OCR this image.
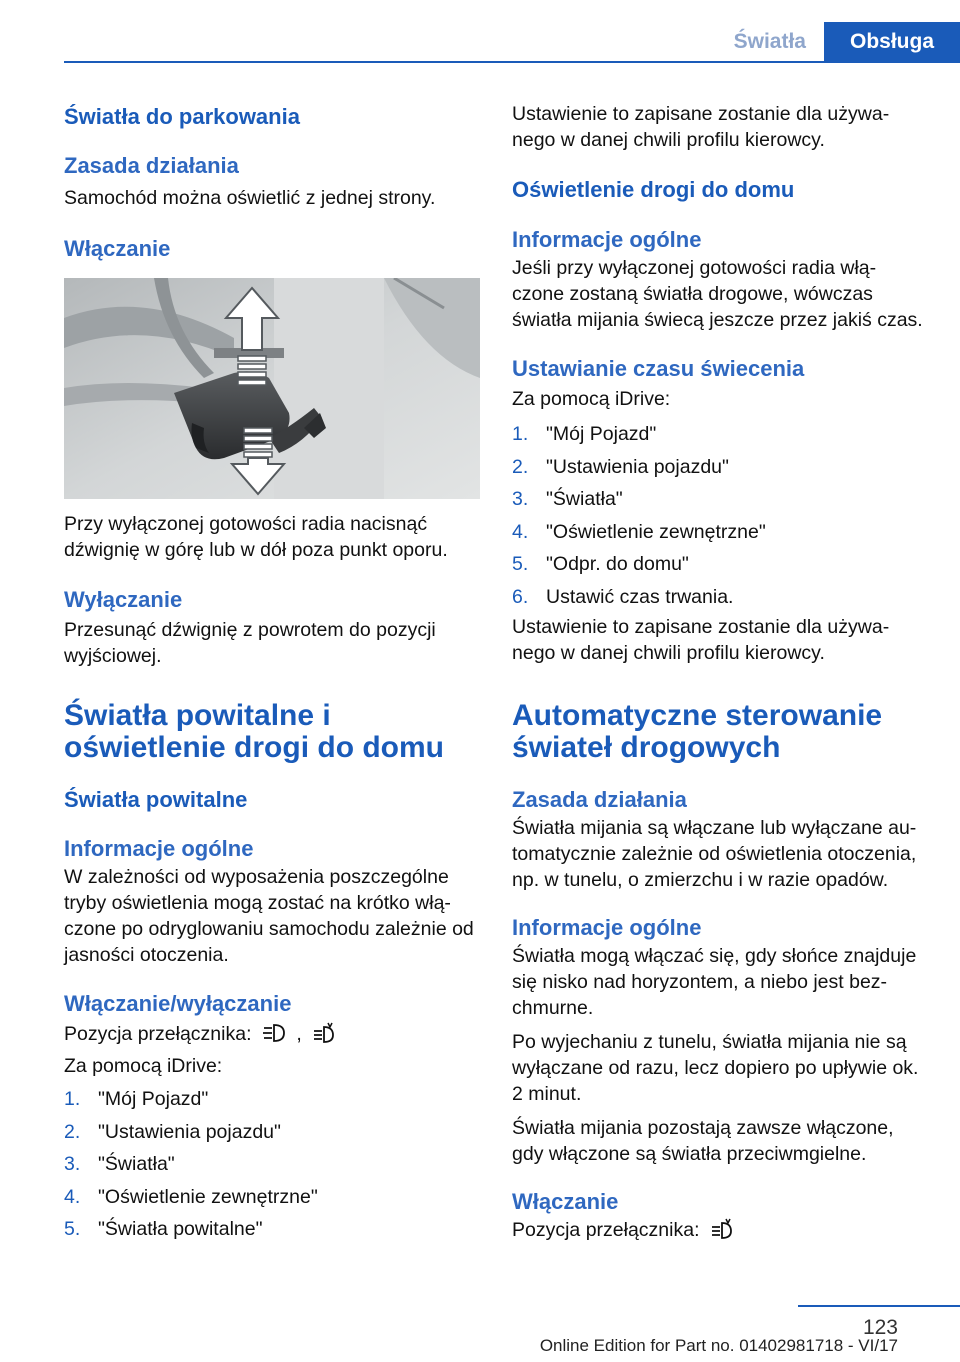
Światła	Obsługa
Światła do parkowania
Zasada działania

Samochód można oświetlić z jednej strony.

Włączanie

Przy wyłączonej gotowości radia nacisnąć dźwignię w górę lub w dół poza punkt oporu.

Wyłączanie

Przesunąć dźwignię z powrotem do pozycji wyjściowej.

Światła powitalne i oświetlenie drogi do domu
Światła powitalne
Informacje ogólne

W zależności od wyposażenia poszczególne tryby oświetlenia mogą zostać na krótko włą- czone po odryglowaniu samochodu zależnie od jasności otoczenia.

Włączanie/wyłączanie

Pozycja przełącznika: ,

Za pomocą iDrive:

1. "Mój Pojazd"
2. "Ustawienia pojazdu"
3. "Światła"
4. "Oświetlenie zewnętrzne"
5. "Światła powitalne"

Ustawienie to zapisane zostanie dla używa- nego w danej chwili profilu kierowcy.

Oświetlenie drogi do domu
Informacje ogólne

Jeśli przy wyłączonej gotowości radia włą- czone zostaną światła drogowe, wówczas światła mijania świecą jeszcze przez jakiś czas.

Ustawianie czasu świecenia

Za pomocą iDrive:

1. "Mój Pojazd"
2. "Ustawienia pojazdu"
3. "Światła"
4. "Oświetlenie zewnętrzne"
5. "Odpr. do domu"
6. Ustawić czas trwania.

Ustawienie to zapisane zostanie dla używa- nego w danej chwili profilu kierowcy.

Automatyczne sterowanie świateł drogowych
Zasada działania

Światła mijania są włączane lub wyłączane au- tomatycznie zależnie od oświetlenia otoczenia, np. w tunelu, o zmierzchu i w razie opadów.

Informacje ogólne

Światła mogą włączać się, gdy słońce znajduje się nisko nad horyzontem, a niebo jest bez- chmurne.

Po wyjechaniu z tunelu, światła mijania nie są wyłączane od razu, lecz dopiero po upływie ok. 2 minut.

Światła mijania pozostają zawsze włączone, gdy włączone są światła przeciwmgielne.

Włączanie

Pozycja przełącznika:

123
Online Edition for Part no. 01402981718 - VI/17
